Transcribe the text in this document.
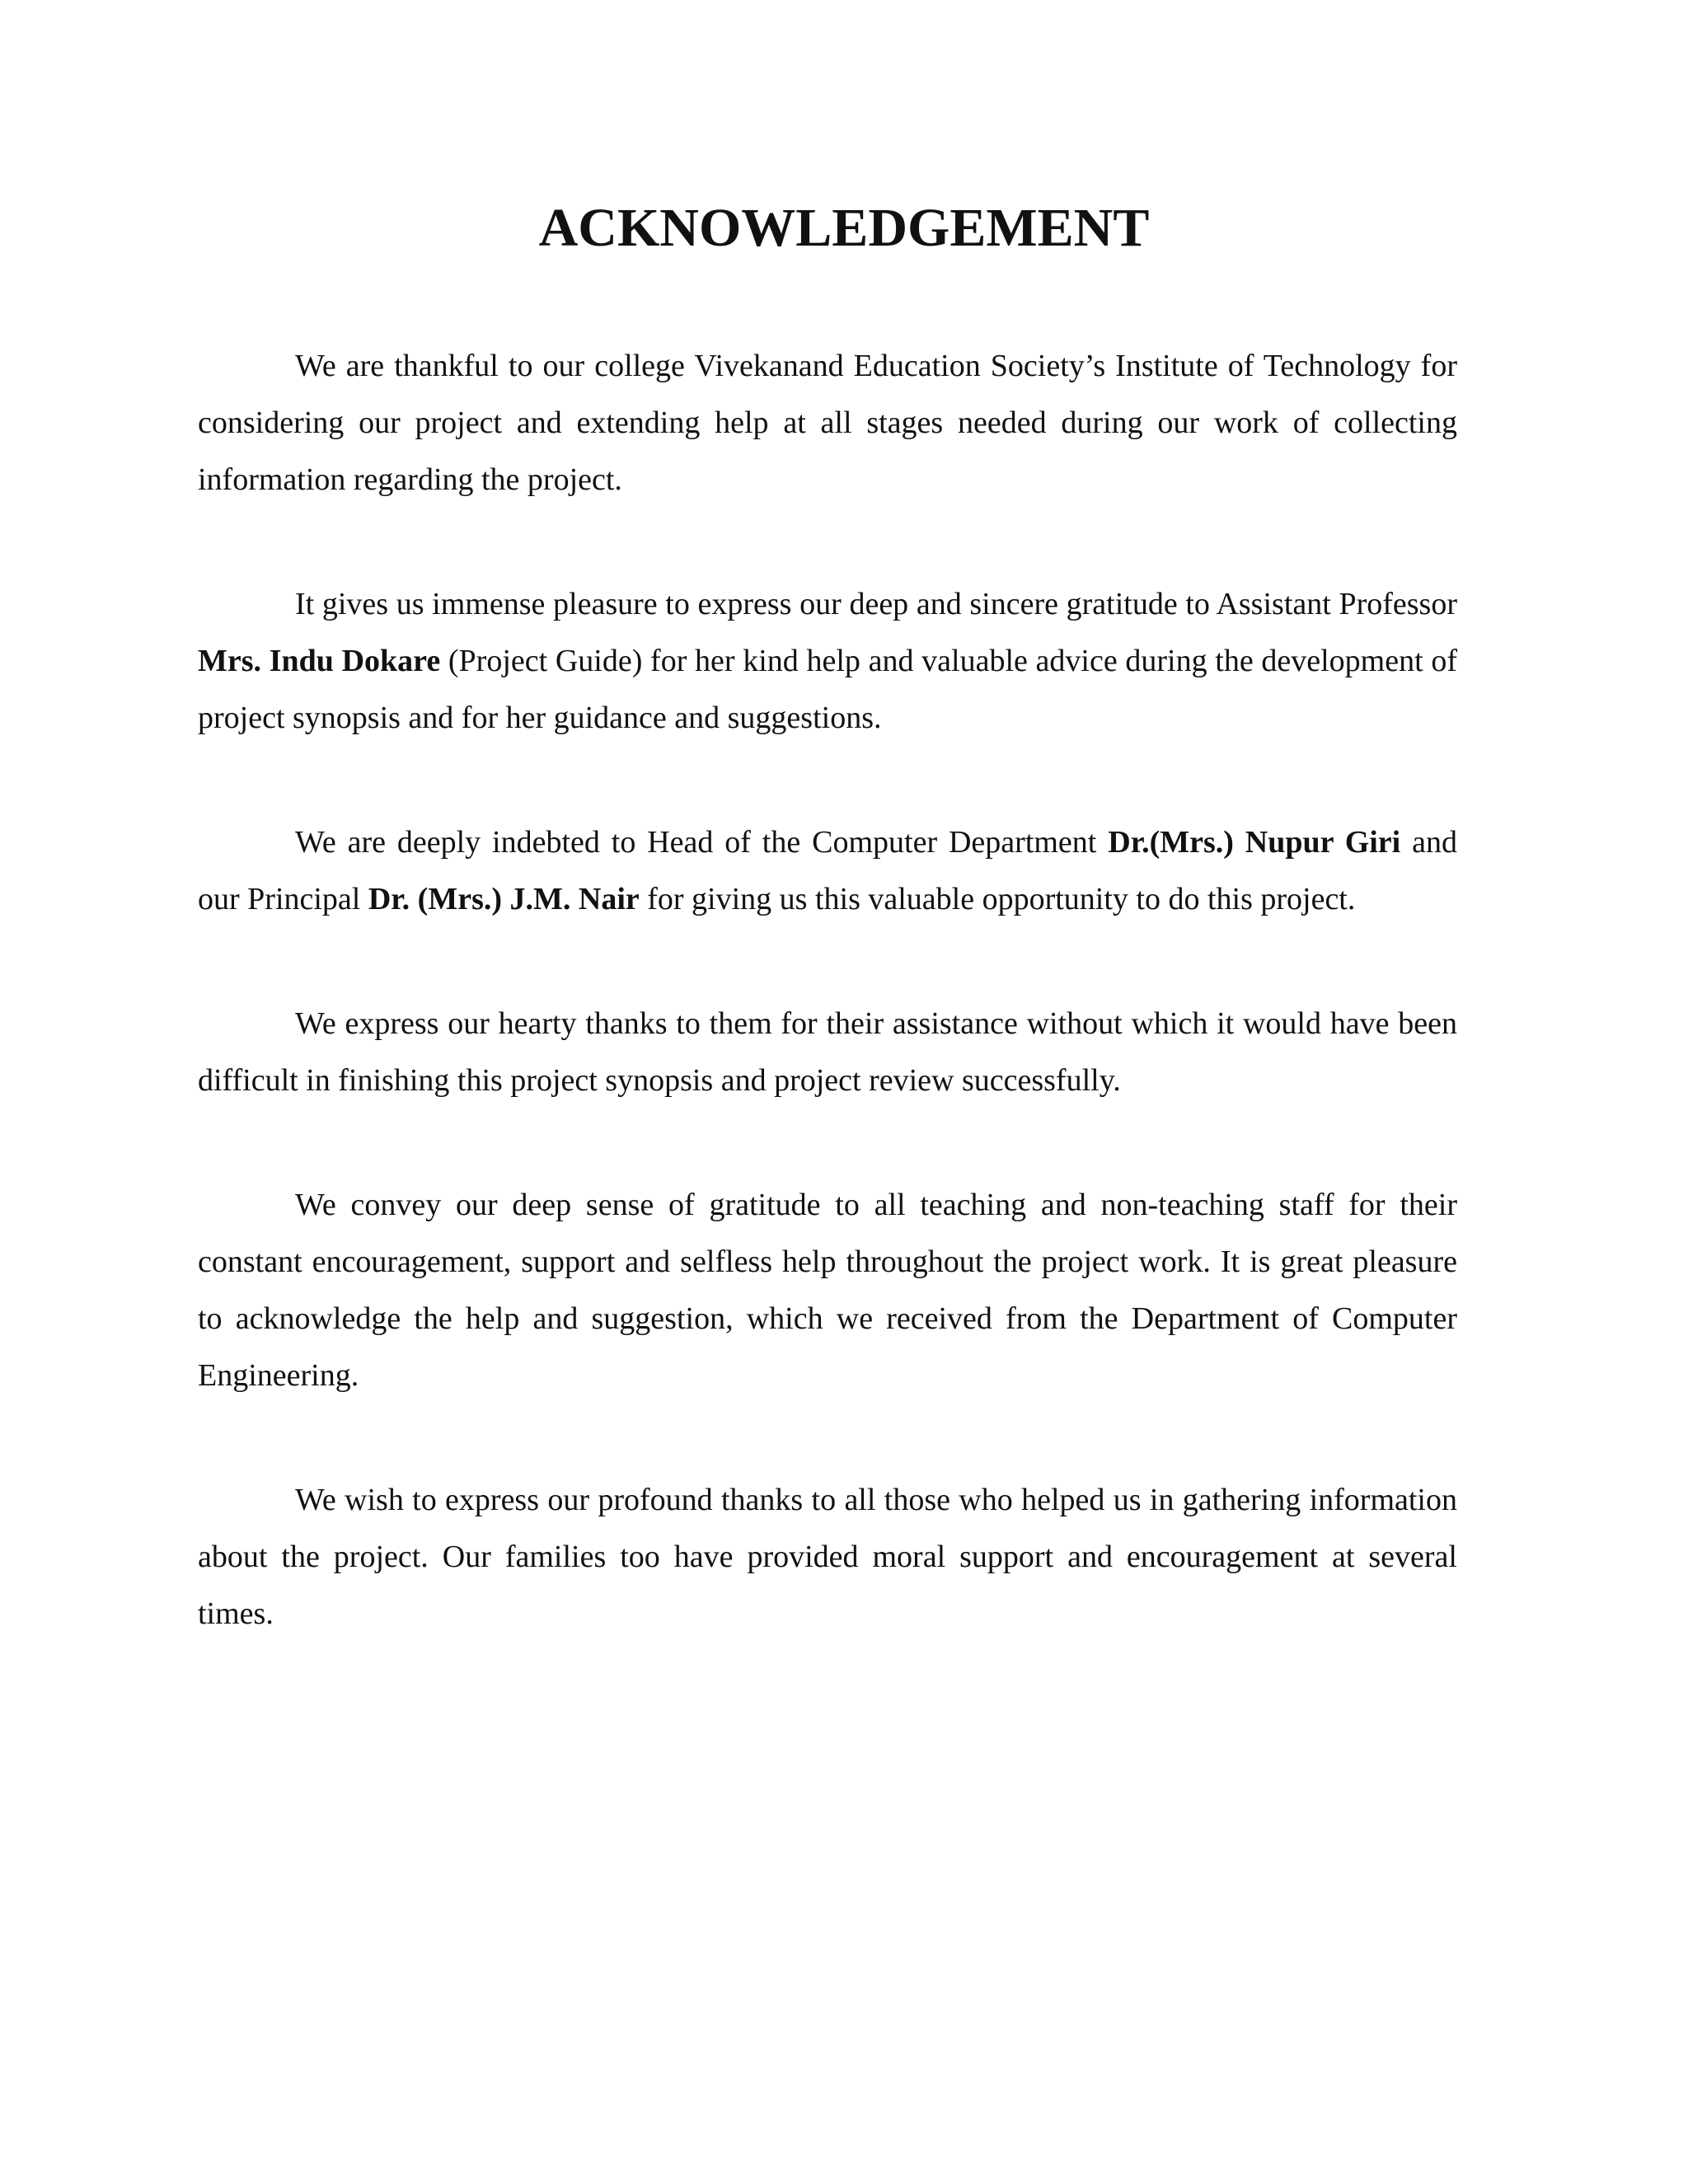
ACKNOWLEDGEMENT

We are thankful to our college Vivekanand Education Society’s Institute of Technology for considering our project and extending help at all stages needed during our work of collecting information regarding the project.

It gives us immense pleasure to express our deep and sincere gratitude to Assistant Professor Mrs. Indu Dokare (Project Guide) for her kind help and valuable advice during the development of project synopsis and for her guidance and suggestions.

We are deeply indebted to Head of the Computer Department Dr.(Mrs.) Nupur Giri and our Principal Dr. (Mrs.) J.M. Nair for giving us this valuable opportunity to do this project.

We express our hearty thanks to them for their assistance without which it would have been difficult in finishing this project synopsis and project review successfully.

We convey our deep sense of gratitude to all teaching and non-teaching staff for their constant encouragement, support and selfless help throughout the project work. It is great pleasure to acknowledge the help and suggestion, which we received from the Department of Computer Engineering.

We wish to express our profound thanks to all those who helped us in gathering information about the project. Our families too have provided moral support and encouragement at several times.
